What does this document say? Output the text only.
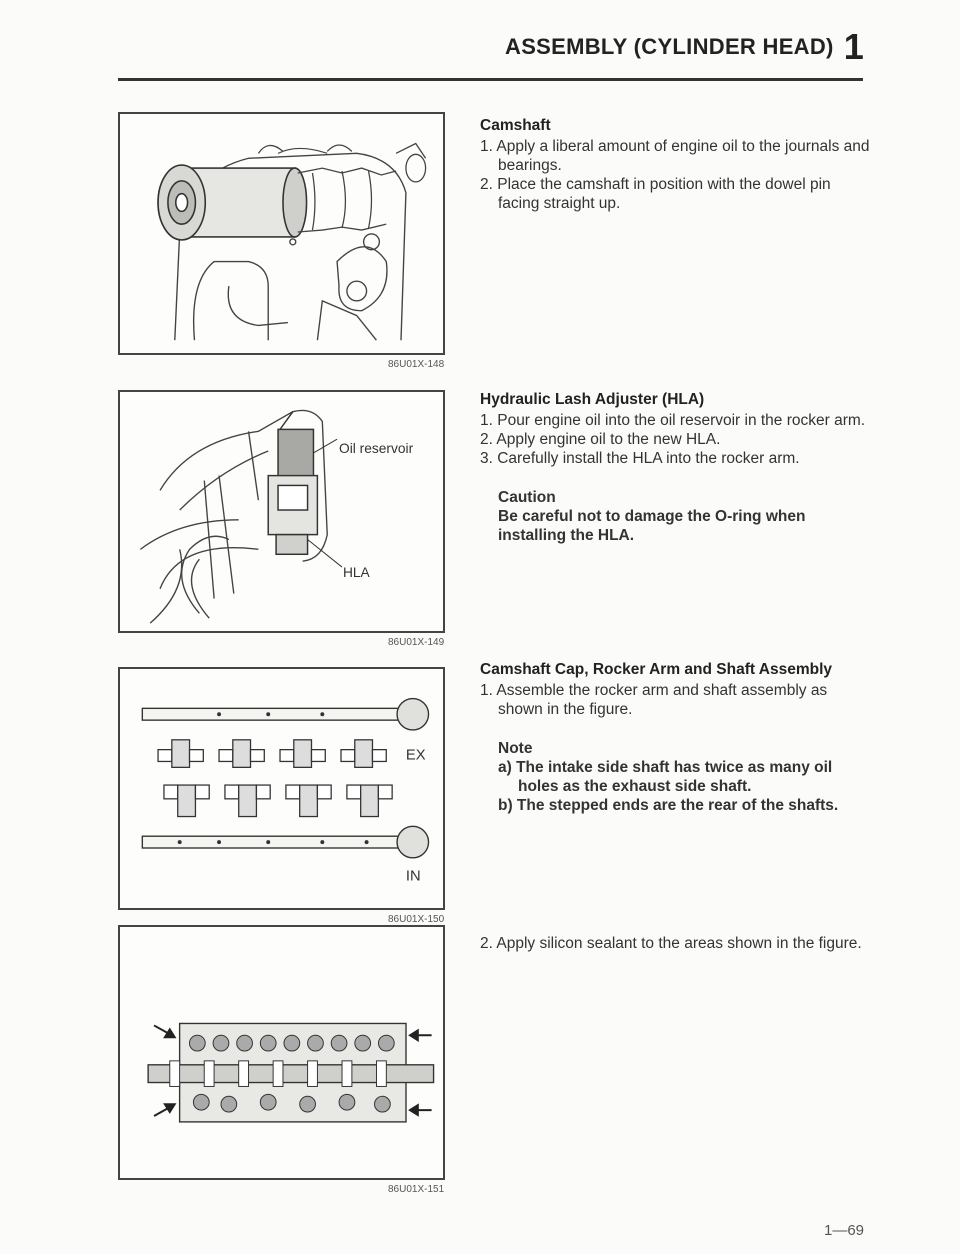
ASSEMBLY (CYLINDER HEAD) 1
86U01X-148
Oil reservoir
HLA
86U01X-149
EX
IN
86U01X-150
86U01X-151
Camshaft
1. Apply a liberal amount of engine oil to the journals and bearings.
2. Place the camshaft in position with the dowel pin facing straight up.
Hydraulic Lash Adjuster (HLA)
1. Pour engine oil into the oil reservoir in the rocker arm.
2. Apply engine oil to the new HLA.
3. Carefully install the HLA into the rocker arm.
Caution
Be careful not to damage the O-ring when installing the HLA.
Camshaft Cap, Rocker Arm and Shaft Assembly
1. Assemble the rocker arm and shaft assembly as shown in the figure.
Note
a) The intake side shaft has twice as many oil holes as the exhaust side shaft.
b) The stepped ends are the rear of the shafts.
2. Apply silicon sealant to the areas shown in the figure.
1—69
